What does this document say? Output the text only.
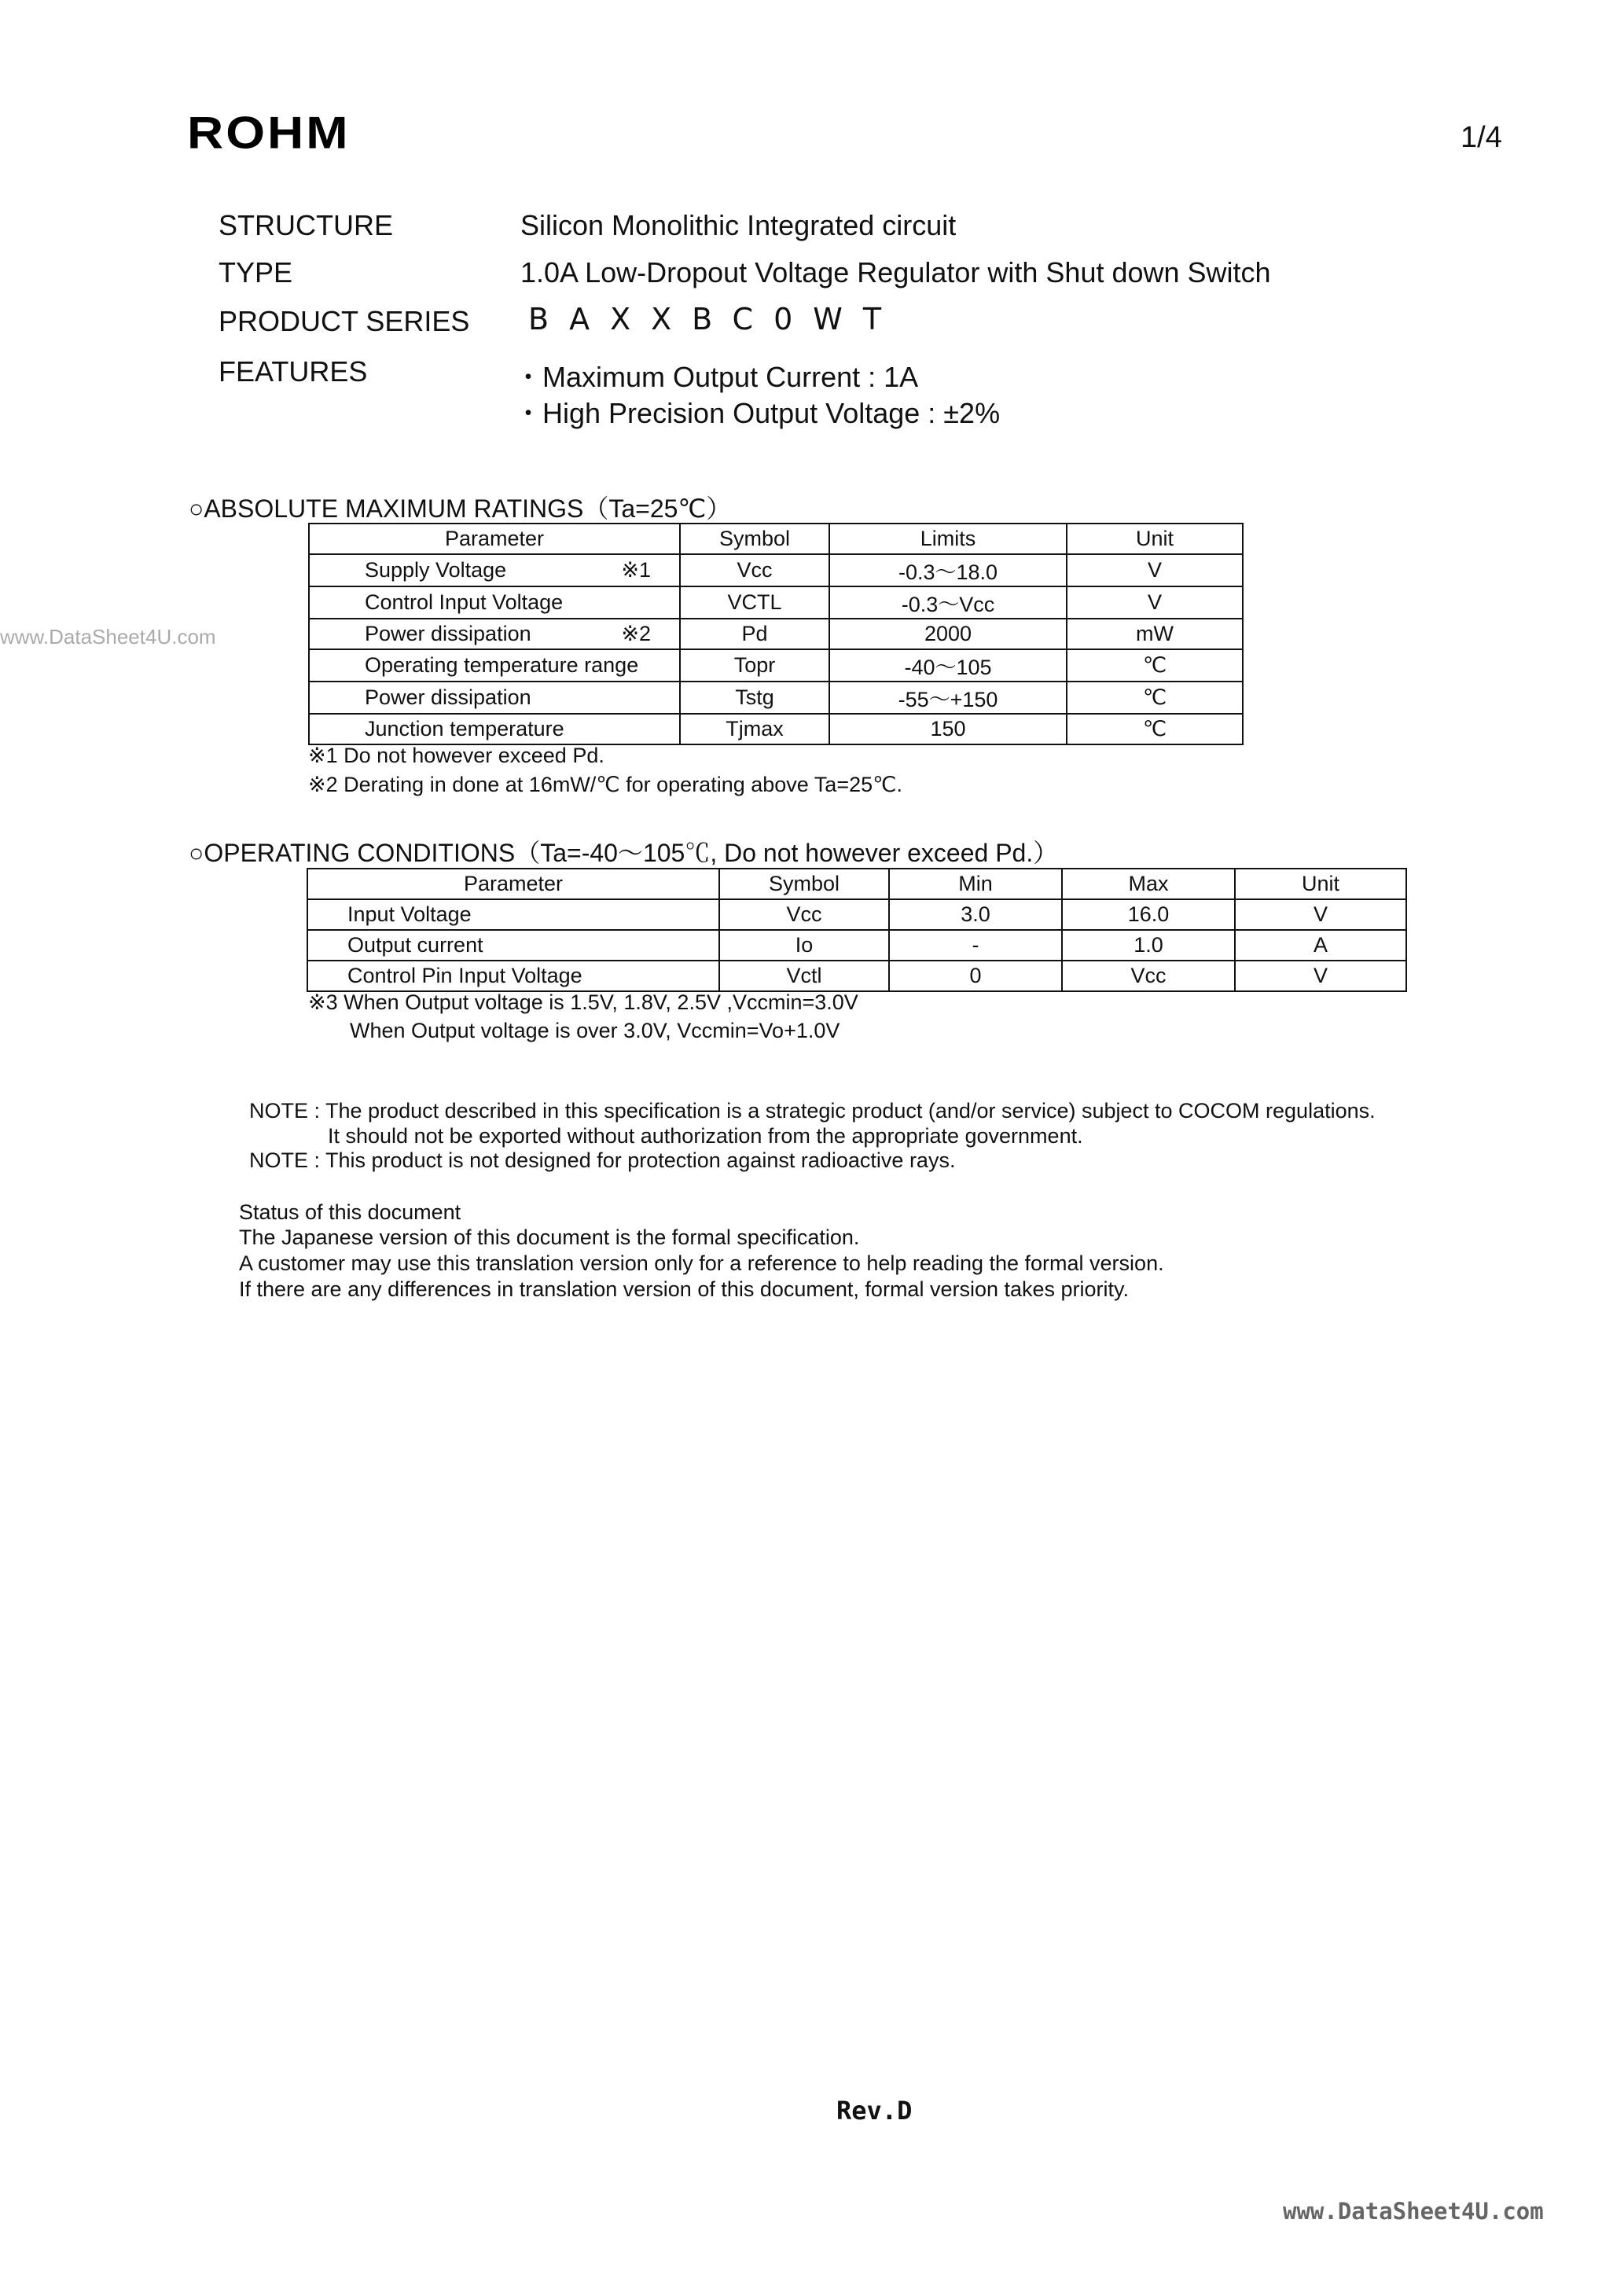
ROHM	1/4
www.DataSheet4U.com
STRUCTURE	Silicon Monolithic Integrated circuit
TYPE	1.0A Low-Dropout Voltage Regulator with Shut down Switch
PRODUCT SERIES BAXXBC0WT
FEATURES	・Maximum Output Current : 1A
・High Precision Output Voltage : ±2%
○ABSOLUTE MAXIMUM RATINGS（Ta=25℃）
Parameter	Symbol	Limits	Unit

Supply Voltage ※1	Vcc	-0.3～18.0	V

Control Input Voltage	VCTL	-0.3～Vcc	V

Power dissipation ※2	Pd	2000	mW

Operating temperature range	Topr	-40～105	℃

Power dissipation	Tstg	-55～+150	℃

Junction temperature	Tjmax	150	℃
※1 Do not however exceed Pd.
※2 Derating in done at 16mW/℃ for operating above Ta=25℃.
○OPERATING CONDITIONS（Ta=-40～105℃, Do not however exceed Pd.）
Parameter	Symbol	Min	Max	Unit
Input Voltage	Vcc	3.0	16.0	V
Output current	Io	-	1.0	A
Control Pin Input Voltage	Vctl	0	Vcc	V
※3 When Output voltage is 1.5V, 1.8V, 2.5V ,Vccmin=3.0V
When Output voltage is over 3.0V, Vccmin=Vo+1.0V
NOTE : The product described in this specification is a strategic product (and/or service) subject to COCOM regulations.
It should not be exported without authorization from the appropriate government.
NOTE : This product is not designed for protection against radioactive rays.
Status of this document
The Japanese version of this document is the formal specification.
A customer may use this translation version only for a reference to help reading the formal version.
If there are any differences in translation version of this document, formal version takes priority.
Rev.D
www.DataSheet4U.com
